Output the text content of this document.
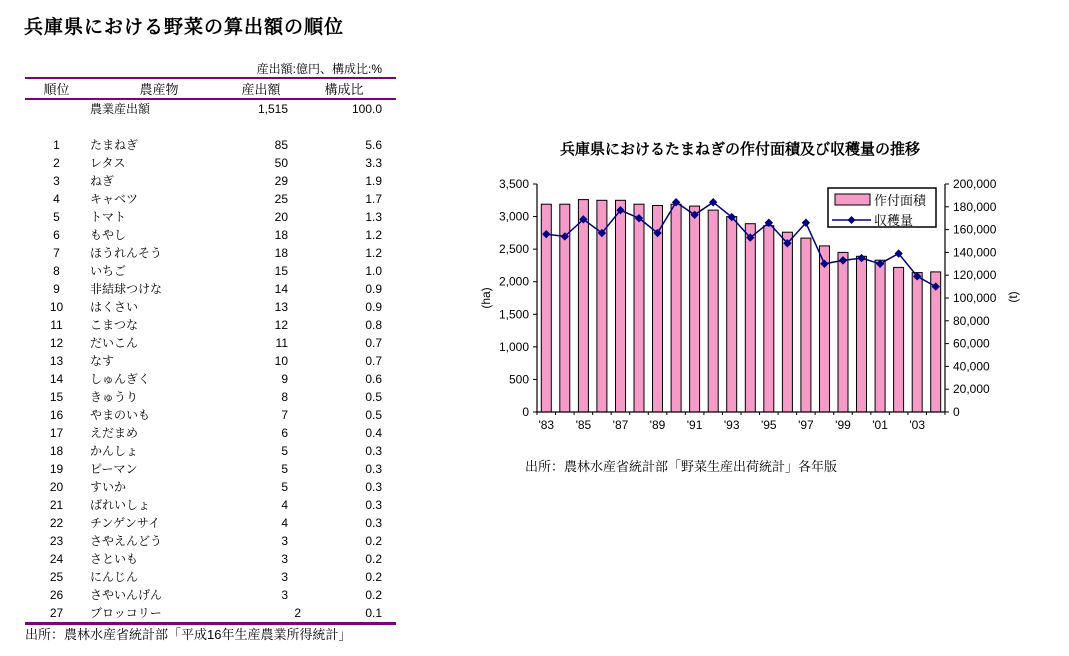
兵庫県における野菜の算出額の順位
産出額:億円、構成比:%
順位	農産物	産出額	構成比
	農業産出額	1,515	100.0

1	たまねぎ	85	5.6
2	レタス	50	3.3
3	ねぎ	29	1.9
4	キャベツ	25	1.7
5	トマト	20	1.3
6	もやし	18	1.2
7	ほうれんそう	18	1.2
8	いちご	15	1.0
9	非結球つけな	14	0.9
10	はくさい	13	0.9
11	こまつな	12	0.8
12	だいこん	11	0.7
13	なす	10	0.7
14	しゅんぎく	9	0.6
15	きゅうり	8	0.5
16	やまのいも	7	0.5
17	えだまめ	6	0.4
18	かんしょ	5	0.3
19	ピーマン	5	0.3
20	すいか	5	0.3
21	ばれいしょ	4	0.3
22	チンゲンサイ	4	0.3
23	さやえんどう	3	0.2
24	さといも	3	0.2
25	にんじん	3	0.2
26	さやいんげん	3	0.2
27	ブロッコリー	2	0.1
出所：農林水産省統計部「平成16年生産農業所得統計」
兵庫県におけるたまねぎの作付面積及び収穫量の推移
0
500
1,000
1,500
2,000
2,500
3,000
3,500
0
20,000
40,000
60,000
80,000
100,000
120,000
140,000
160,000
180,000
200,000
'83 '85 '87 '89 '91 '93 '95 '97 '99 '01 '03
(ha)	(t)
作付面積
収穫量
出所：農林水産省統計部「野菜生産出荷統計」各年版
